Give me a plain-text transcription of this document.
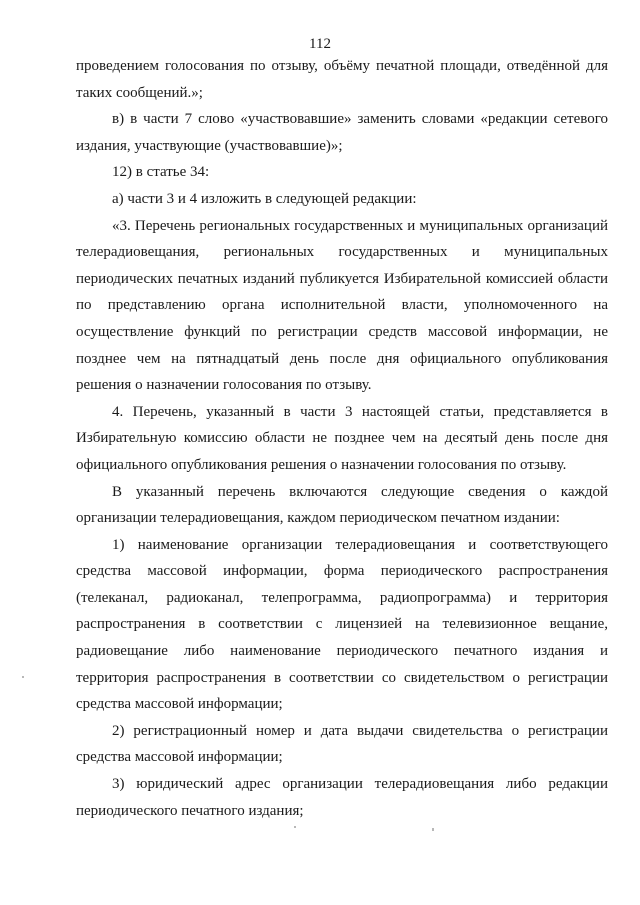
112

проведением голосования по отзыву, объёму печатной площади, отведённой для таких сообщений.»;

в) в части 7 слово «участвовавшие» заменить словами «редакции сетевого издания, участвующие (участвовавшие)»;

12) в статье 34:

а) части 3 и 4 изложить в следующей редакции:

«3. Перечень региональных государственных и муниципальных организаций телерадиовещания, региональных государственных и муниципальных периодических печатных изданий публикуется Избирательной комиссией области по представлению органа исполнительной власти, уполномоченного на осуществление функций по регистрации средств массовой информации, не позднее чем на пятнадцатый день после дня официального опубликования решения о назначении голосования по отзыву.

4. Перечень, указанный в части 3 настоящей статьи, представляется в Избирательную комиссию области не позднее чем на десятый день после дня официального опубликования решения о назначении голосования по отзыву.

В указанный перечень включаются следующие сведения о каждой организации телерадиовещания, каждом периодическом печатном издании:

1) наименование организации телерадиовещания и соответствующего средства массовой информации, форма периодического распространения (телеканал, радиоканал, телепрограмма, радиопрограмма) и территория распространения в соответствии с лицензией на телевизионное вещание, радиовещание либо наименование периодического печатного издания и территория распространения в соответствии со свидетельством о регистрации средства массовой информации;

2) регистрационный номер и дата выдачи свидетельства о регистрации средства массовой информации;

3) юридический адрес организации телерадиовещания либо редакции периодического печатного издания;
